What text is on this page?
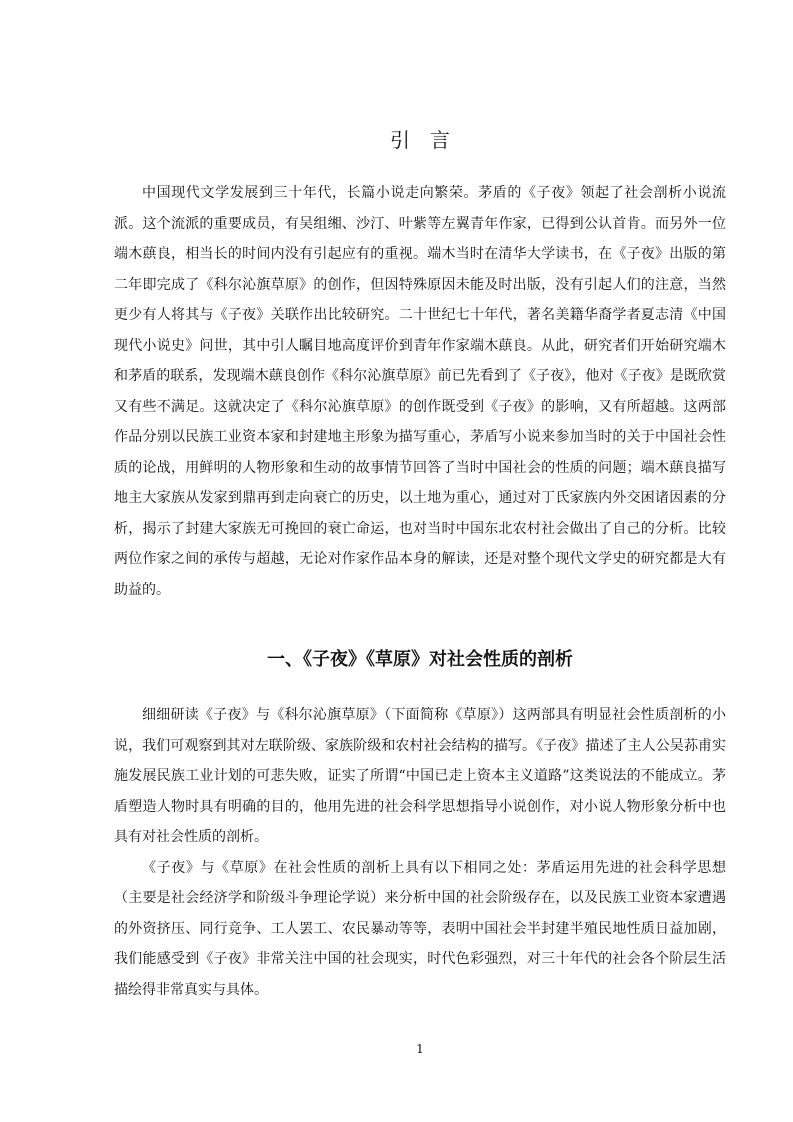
引 言

中国现代文学发展到三十年代，长篇小说走向繁荣。茅盾的《子夜》领起了社会剖析小说流派。这个流派的重要成员，有吴组缃、沙汀、叶紫等左翼青年作家，已得到公认首肯。而另外一位端木蕻良，相当长的时间内没有引起应有的重视。端木当时在清华大学读书，在《子夜》出版的第二年即完成了《科尔沁旗草原》的创作，但因特殊原因未能及时出版，没有引起人们的注意，当然更少有人将其与《子夜》关联作出比较研究。二十世纪七十年代，著名美籍华裔学者夏志清《中国现代小说史》问世，其中引人瞩目地高度评价到青年作家端木蕻良。从此，研究者们开始研究端木和茅盾的联系，发现端木蕻良创作《科尔沁旗草原》前已先看到了《子夜》，他对《子夜》是既欣赏又有些不满足。这就决定了《科尔沁旗草原》的创作既受到《子夜》的影响，又有所超越。这两部作品分别以民族工业资本家和封建地主形象为描写重心，茅盾写小说来参加当时的关于中国社会性质的论战，用鲜明的人物形象和生动的故事情节回答了当时中国社会的性质的问题；端木蕻良描写地主大家族从发家到鼎再到走向衰亡的历史，以土地为重心，通过对丁氏家族内外交困诸因素的分析，揭示了封建大家族无可挽回的衰亡命运，也对当时中国东北农村社会做出了自己的分析。比较两位作家之间的承传与超越，无论对作家作品本身的解读，还是对整个现代文学史的研究都是大有助益的。

一、《子夜》《草原》对社会性质的剖析

细细研读《子夜》与《科尔沁旗草原》（下面简称《草原》）这两部具有明显社会性质剖析的小说，我们可观察到其对左联阶级、家族阶级和农村社会结构的描写。《子夜》描述了主人公吴荪甫实施发展民族工业计划的可悲失败，证实了所谓“中国已走上资本主义道路”这类说法的不能成立。茅盾塑造人物时具有明确的目的，他用先进的社会科学思想指导小说创作，对小说人物形象分析中也具有对社会性质的剖析。

《子夜》与《草原》在社会性质的剖析上具有以下相同之处：茅盾运用先进的社会科学思想（主要是社会经济学和阶级斗争理论学说）来分析中国的社会阶级存在，以及民族工业资本家遭遇的外资挤压、同行竞争、工人罢工、农民暴动等等，表明中国社会半封建半殖民地性质日益加剧，我们能感受到《子夜》非常关注中国的社会现实，时代色彩强烈，对三十年代的社会各个阶层生活描绘得非常真实与具体。

1
